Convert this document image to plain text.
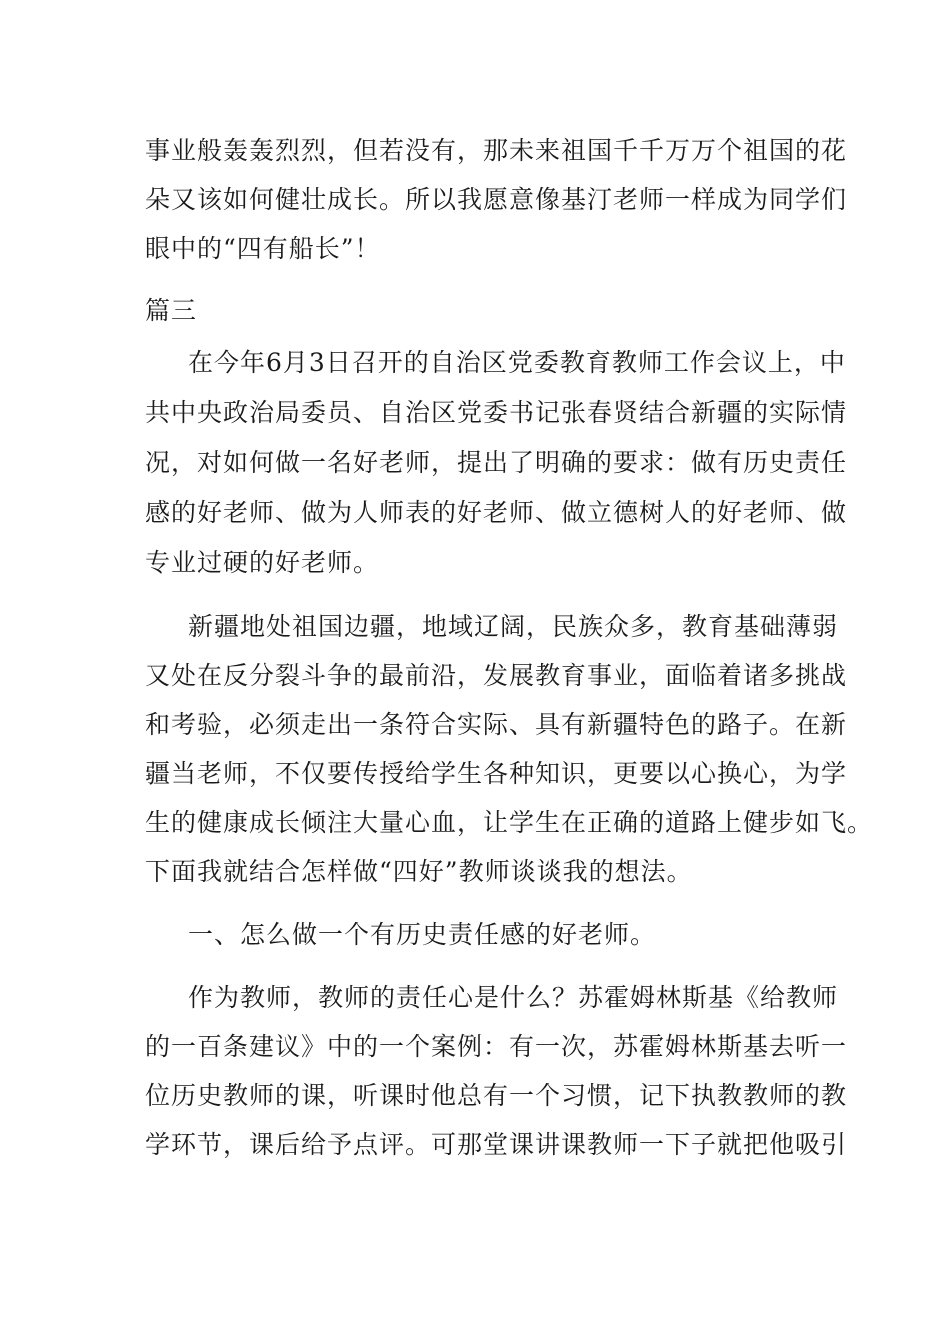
事业般轰轰烈烈，但若没有，那未来祖国千千万万个祖国的花
朵又该如何健壮成长。所以我愿意像基汀老师一样成为同学们
眼中的“四有船长”！
篇三
在今年6月3日召开的自治区党委教育教师工作会议上，中
共中央政治局委员、自治区党委书记张春贤结合新疆的实际情
况，对如何做一名好老师，提出了明确的要求：做有历史责任
感的好老师、做为人师表的好老师、做立德树人的好老师、做
专业过硬的好老师。
新疆地处祖国边疆，地域辽阔，民族众多，教育基础薄弱
又处在反分裂斗争的最前沿，发展教育事业，面临着诸多挑战
和考验，必须走出一条符合实际、具有新疆特色的路子。在新
疆当老师，不仅要传授给学生各种知识，更要以心换心，为学
生的健康成长倾注大量心血，让学生在正确的道路上健步如飞。
下面我就结合怎样做“四好”教师谈谈我的想法。
一、怎么做一个有历史责任感的好老师。
作为教师，教师的责任心是什么？苏霍姆林斯基《给教师
的一百条建议》中的一个案例：有一次，苏霍姆林斯基去听一
位历史教师的课，听课时他总有一个习惯，记下执教教师的教
学环节，课后给予点评。可那堂课讲课教师一下子就把他吸引
